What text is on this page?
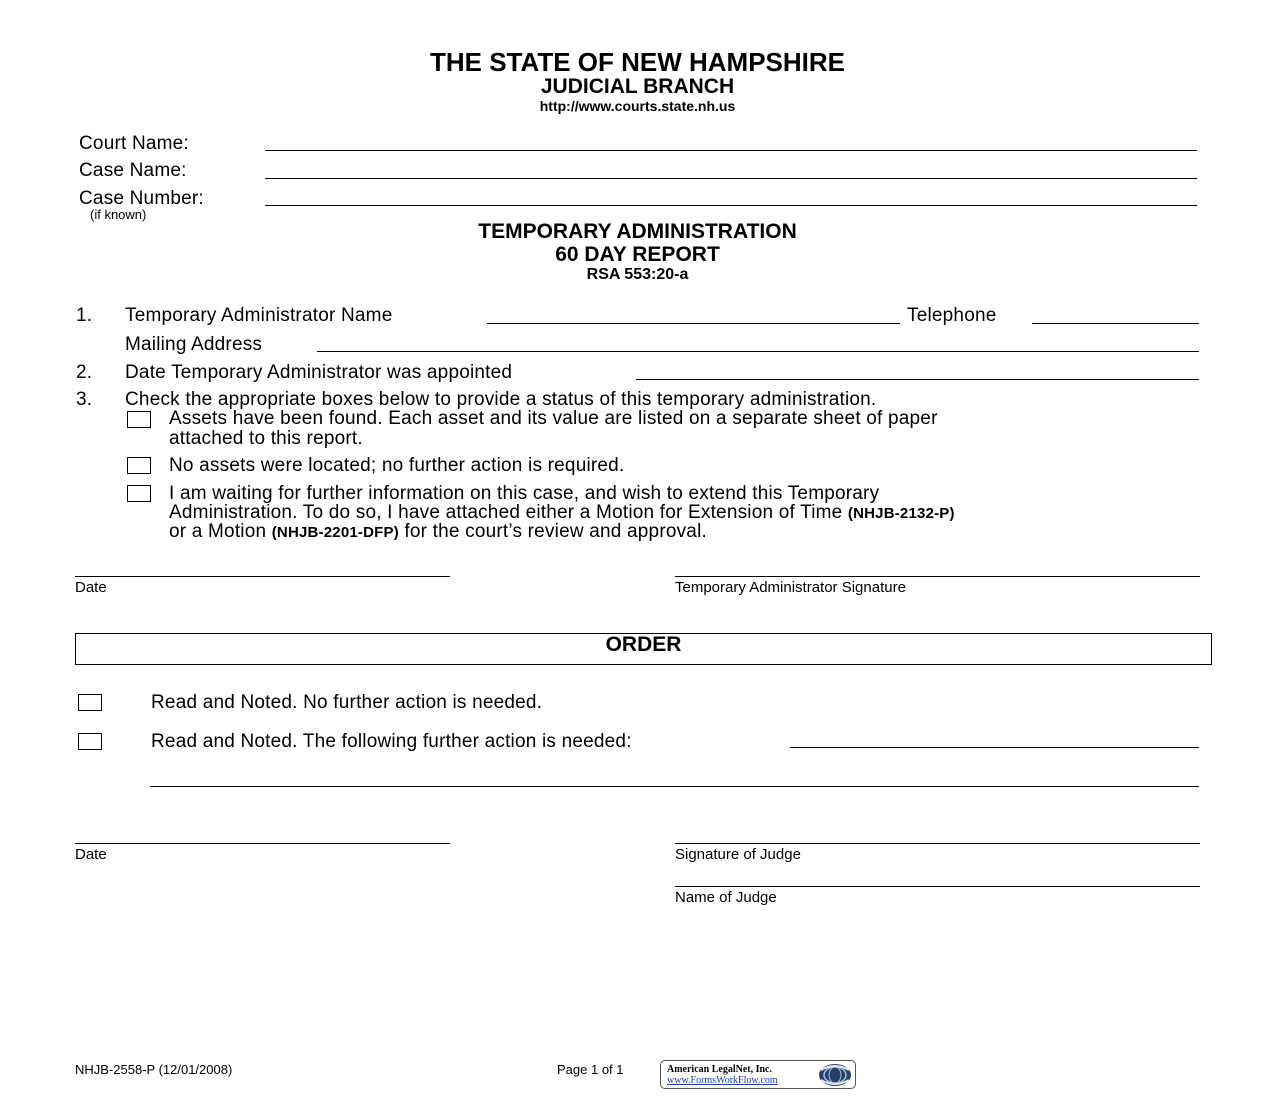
THE STATE OF NEW HAMPSHIRE
JUDICIAL BRANCH
http://www.courts.state.nh.us
Court Name:
Case Name:
Case Number:
(if known)
TEMPORARY ADMINISTRATION
60 DAY REPORT
RSA 553:20-a
1. Temporary Administrator Name	Telephone
Mailing Address
2. Date Temporary Administrator was appointed
3. Check the appropriate boxes below to provide a status of this temporary administration.
Assets have been found. Each asset and its value are listed on a separate sheet of paper
attached to this report.
No assets were located; no further action is required.
I am waiting for further information on this case, and wish to extend this Temporary
Administration. To do so, I have attached either a Motion for Extension of Time (NHJB-2132-P)
or a Motion (NHJB-2201-DFP) for the court’s review and approval.
Date	Temporary Administrator Signature
ORDER
Read and Noted. No further action is needed.
Read and Noted. The following further action is needed:
Date	Signature of Judge
Name of Judge
NHJB-2558-P (12/01/2008)	Page 1 of 1	American LegalNet, Inc.
www.FormsWorkFlow.com
